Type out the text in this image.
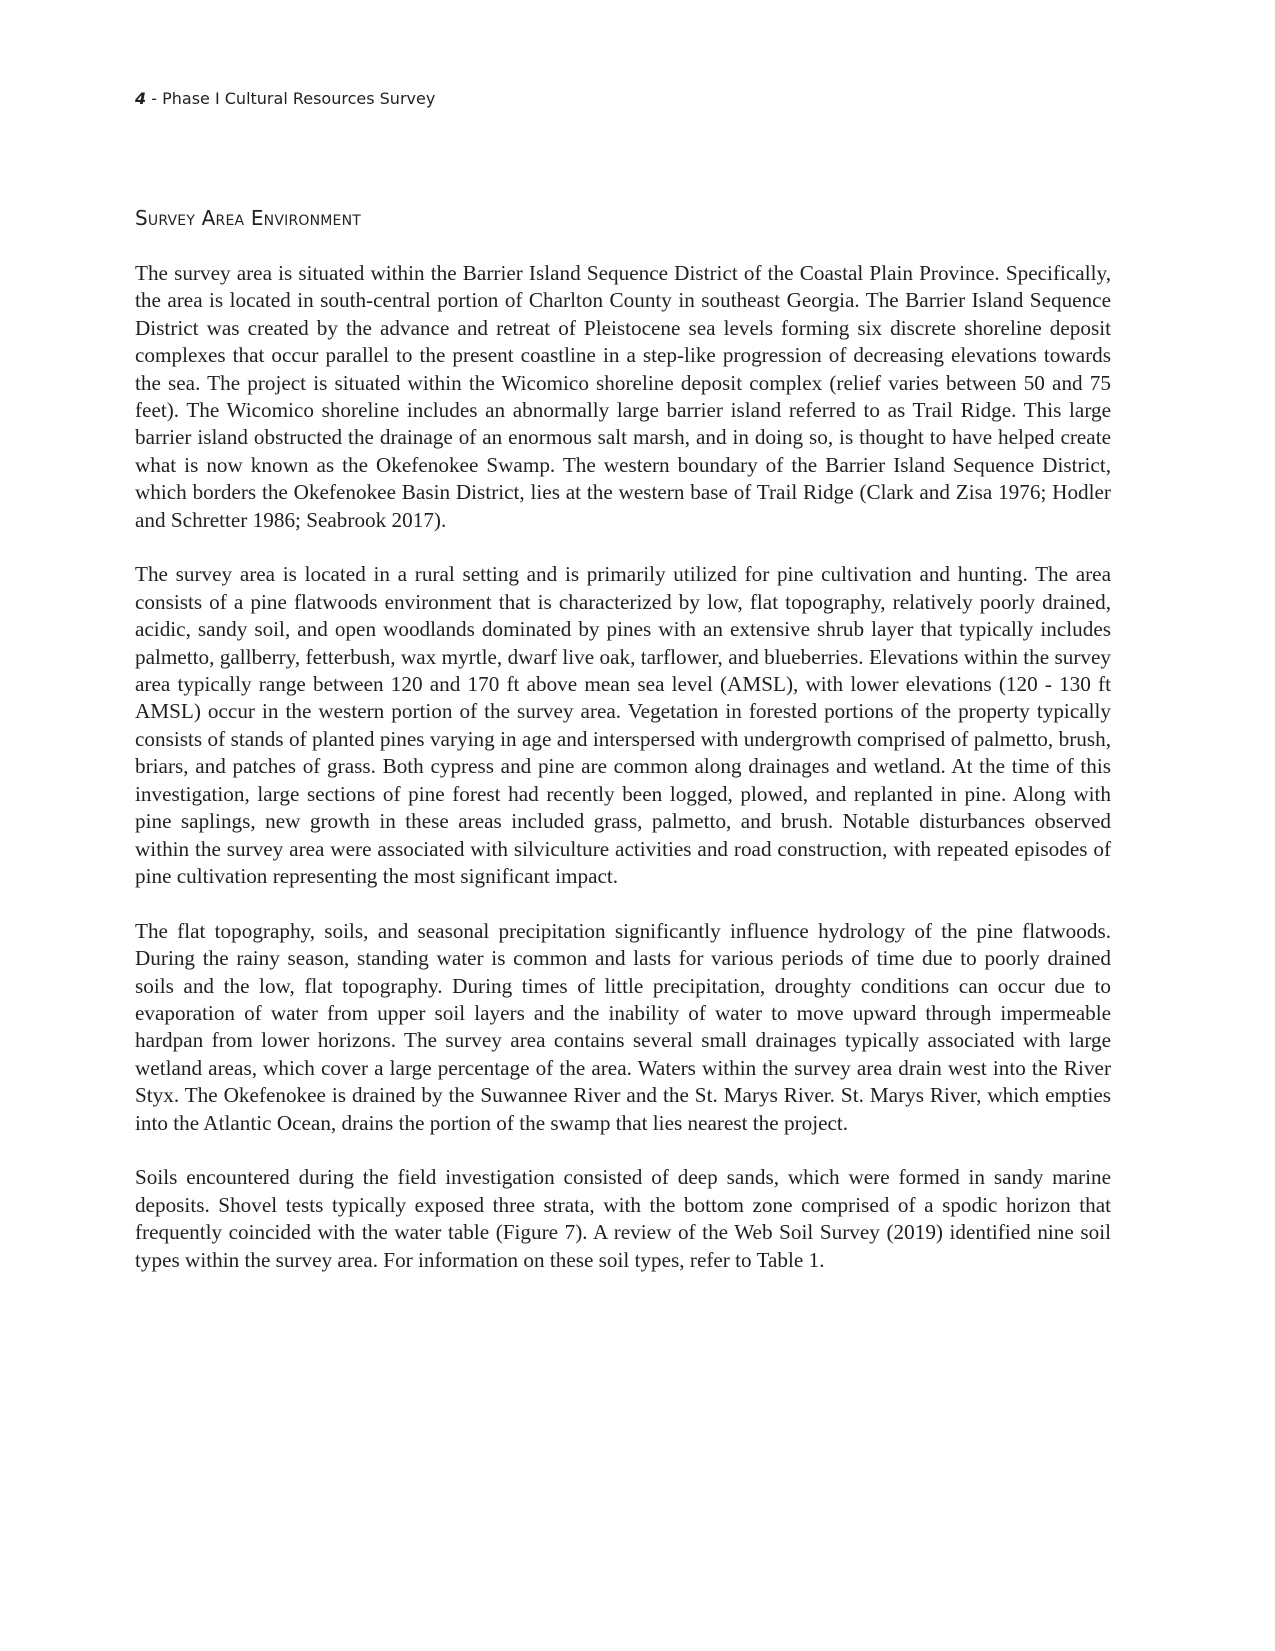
4 - Phase I Cultural Resources Survey
Survey Area Environment

The survey area is situated within the Barrier Island Sequence District of the Coastal Plain Province. Specifically, the area is located in south-central portion of Charlton County in southeast Georgia. The Barrier Island Sequence District was created by the advance and retreat of Pleistocene sea levels forming six discrete shoreline deposit complexes that occur parallel to the present coastline in a step-like progression of decreasing elevations towards the sea. The project is situated within the Wicomico shoreline deposit complex (relief varies between 50 and 75 feet). The Wicomico shoreline includes an abnormally large barrier island referred to as Trail Ridge. This large barrier island obstructed the drainage of an enormous salt marsh, and in doing so, is thought to have helped create what is now known as the Okefenokee Swamp. The western boundary of the Barrier Island Sequence District, which borders the Okefenokee Basin District, lies at the western base of Trail Ridge (Clark and Zisa 1976; Hodler and Schretter 1986; Seabrook 2017).

The survey area is located in a rural setting and is primarily utilized for pine cultivation and hunting. The area consists of a pine flatwoods environment that is characterized by low, flat topography, relatively poorly drained, acidic, sandy soil, and open woodlands dominated by pines with an extensive shrub layer that typically includes palmetto, gallberry, fetterbush, wax myrtle, dwarf live oak, tarflower, and blueberries. Elevations within the survey area typically range between 120 and 170 ft above mean sea level (AMSL), with lower elevations (120 - 130 ft AMSL) occur in the western portion of the survey area. Vegetation in forested portions of the property typically consists of stands of planted pines varying in age and interspersed with undergrowth comprised of palmetto, brush, briars, and patches of grass. Both cypress and pine are common along drainages and wetland. At the time of this investigation, large sections of pine forest had recently been logged, plowed, and replanted in pine. Along with pine saplings, new growth in these areas included grass, palmetto, and brush. Notable disturbances observed within the survey area were associated with silviculture activities and road construction, with repeated episodes of pine cultivation representing the most significant impact.

The flat topography, soils, and seasonal precipitation significantly influence hydrology of the pine flatwoods. During the rainy season, standing water is common and lasts for various periods of time due to poorly drained soils and the low, flat topography. During times of little precipitation, droughty conditions can occur due to evaporation of water from upper soil layers and the inability of water to move upward through impermeable hardpan from lower horizons. The survey area contains several small drainages typically associated with large wetland areas, which cover a large percentage of the area. Waters within the survey area drain west into the River Styx. The Okefenokee is drained by the Suwannee River and the St. Marys River. St. Marys River, which empties into the Atlantic Ocean, drains the portion of the swamp that lies nearest the project.

Soils encountered during the field investigation consisted of deep sands, which were formed in sandy marine deposits. Shovel tests typically exposed three strata, with the bottom zone comprised of a spodic horizon that frequently coincided with the water table (Figure 7). A review of the Web Soil Survey (2019) identified nine soil types within the survey area. For information on these soil types, refer to Table 1.
